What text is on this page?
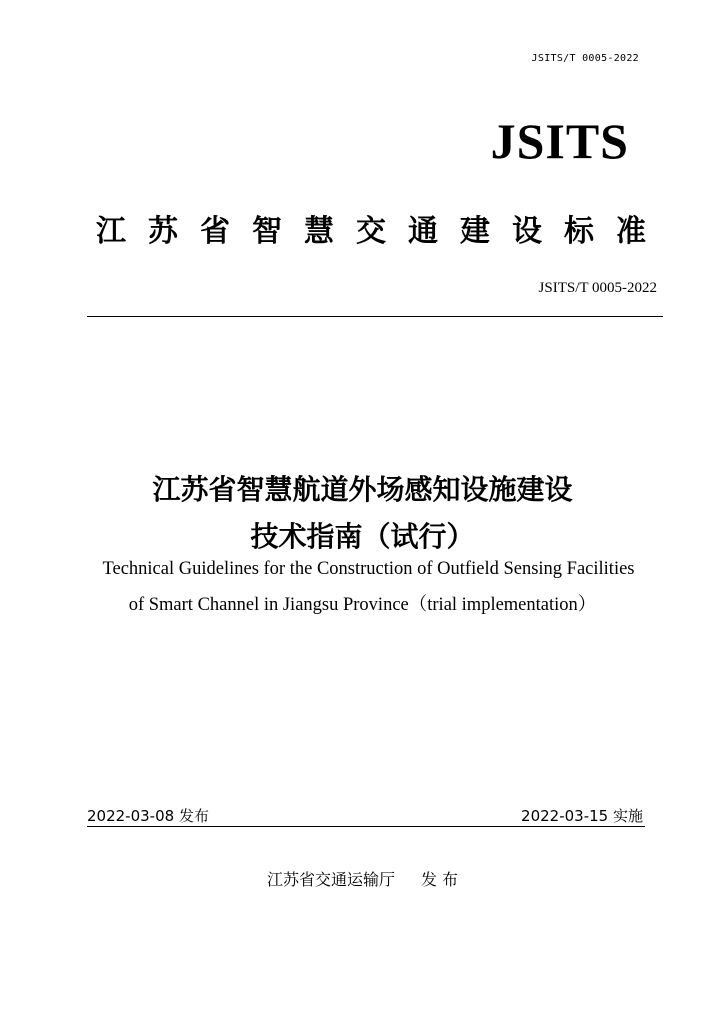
JSITS/T 0005-2022
JSITS
江 苏 省 智 慧 交 通 建 设 标 准
JSITS/T 0005-2022
江苏省智慧航道外场感知设施建设
技术指南（试行）
Technical Guidelines for the Construction of Outfield Sensing Facilities
of Smart Channel in Jiangsu Province（trial implementation）
2022-03-08 发布	2022-03-15 实施
江苏省交通运输厅 发 布
